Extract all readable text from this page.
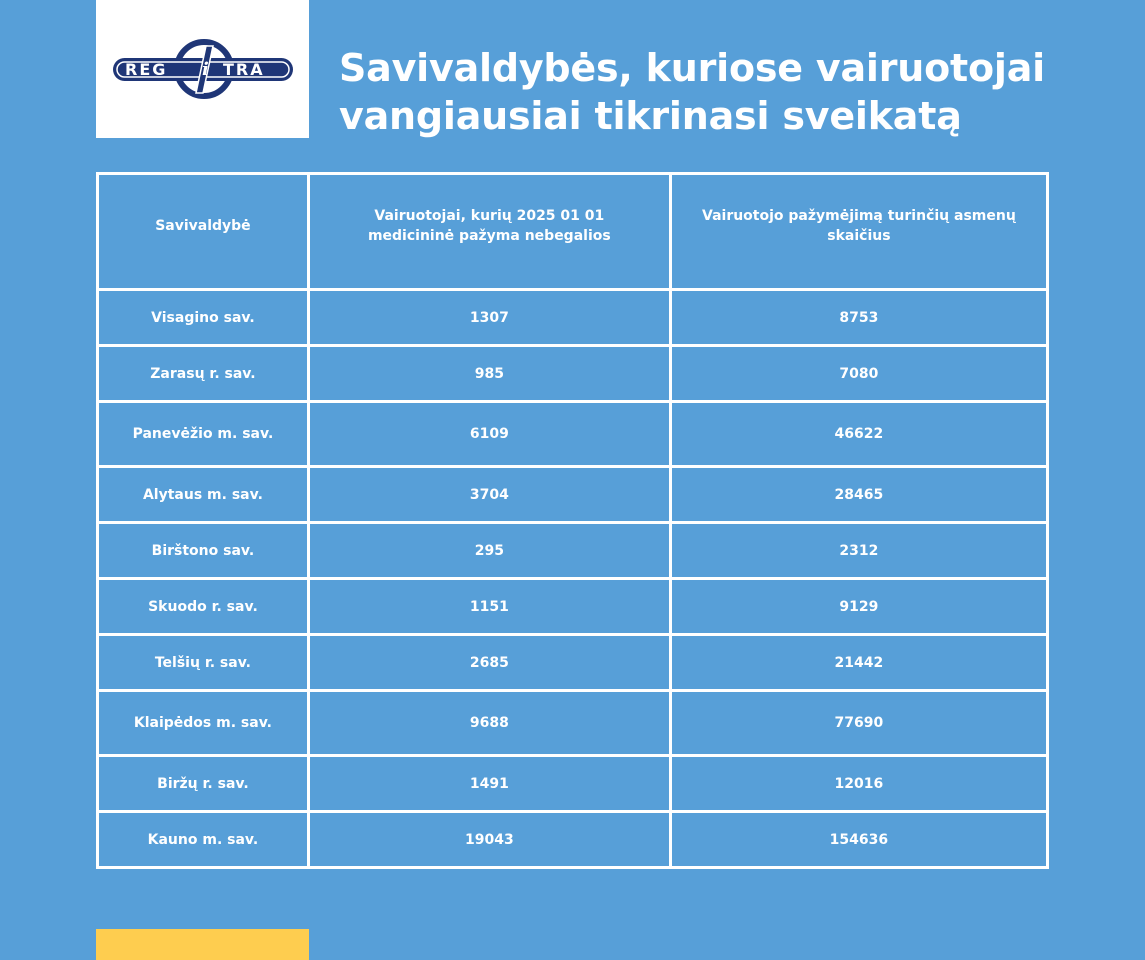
REG i TRA Savivaldybės, kuriose vairuotojai vangiausiai tikrinasi sveikatą
Savivaldybė	Vairuotojai, kurių 2025 01 01 medicininė pažyma nebegalios	Vairuotojo pažymėjimą turinčių asmenų skaičius
Visagino sav.	1307	8753
Zarasų r. sav.	985	7080
Panevėžio m. sav.	6109	46622
Alytaus m. sav.	3704	28465
Birštono sav.	295	2312
Skuodo r. sav.	1151	9129
Telšių r. sav.	2685	21442
Klaipėdos m. sav.	9688	77690
Biržų r. sav.	1491	12016
Kauno m. sav.	19043	154636
